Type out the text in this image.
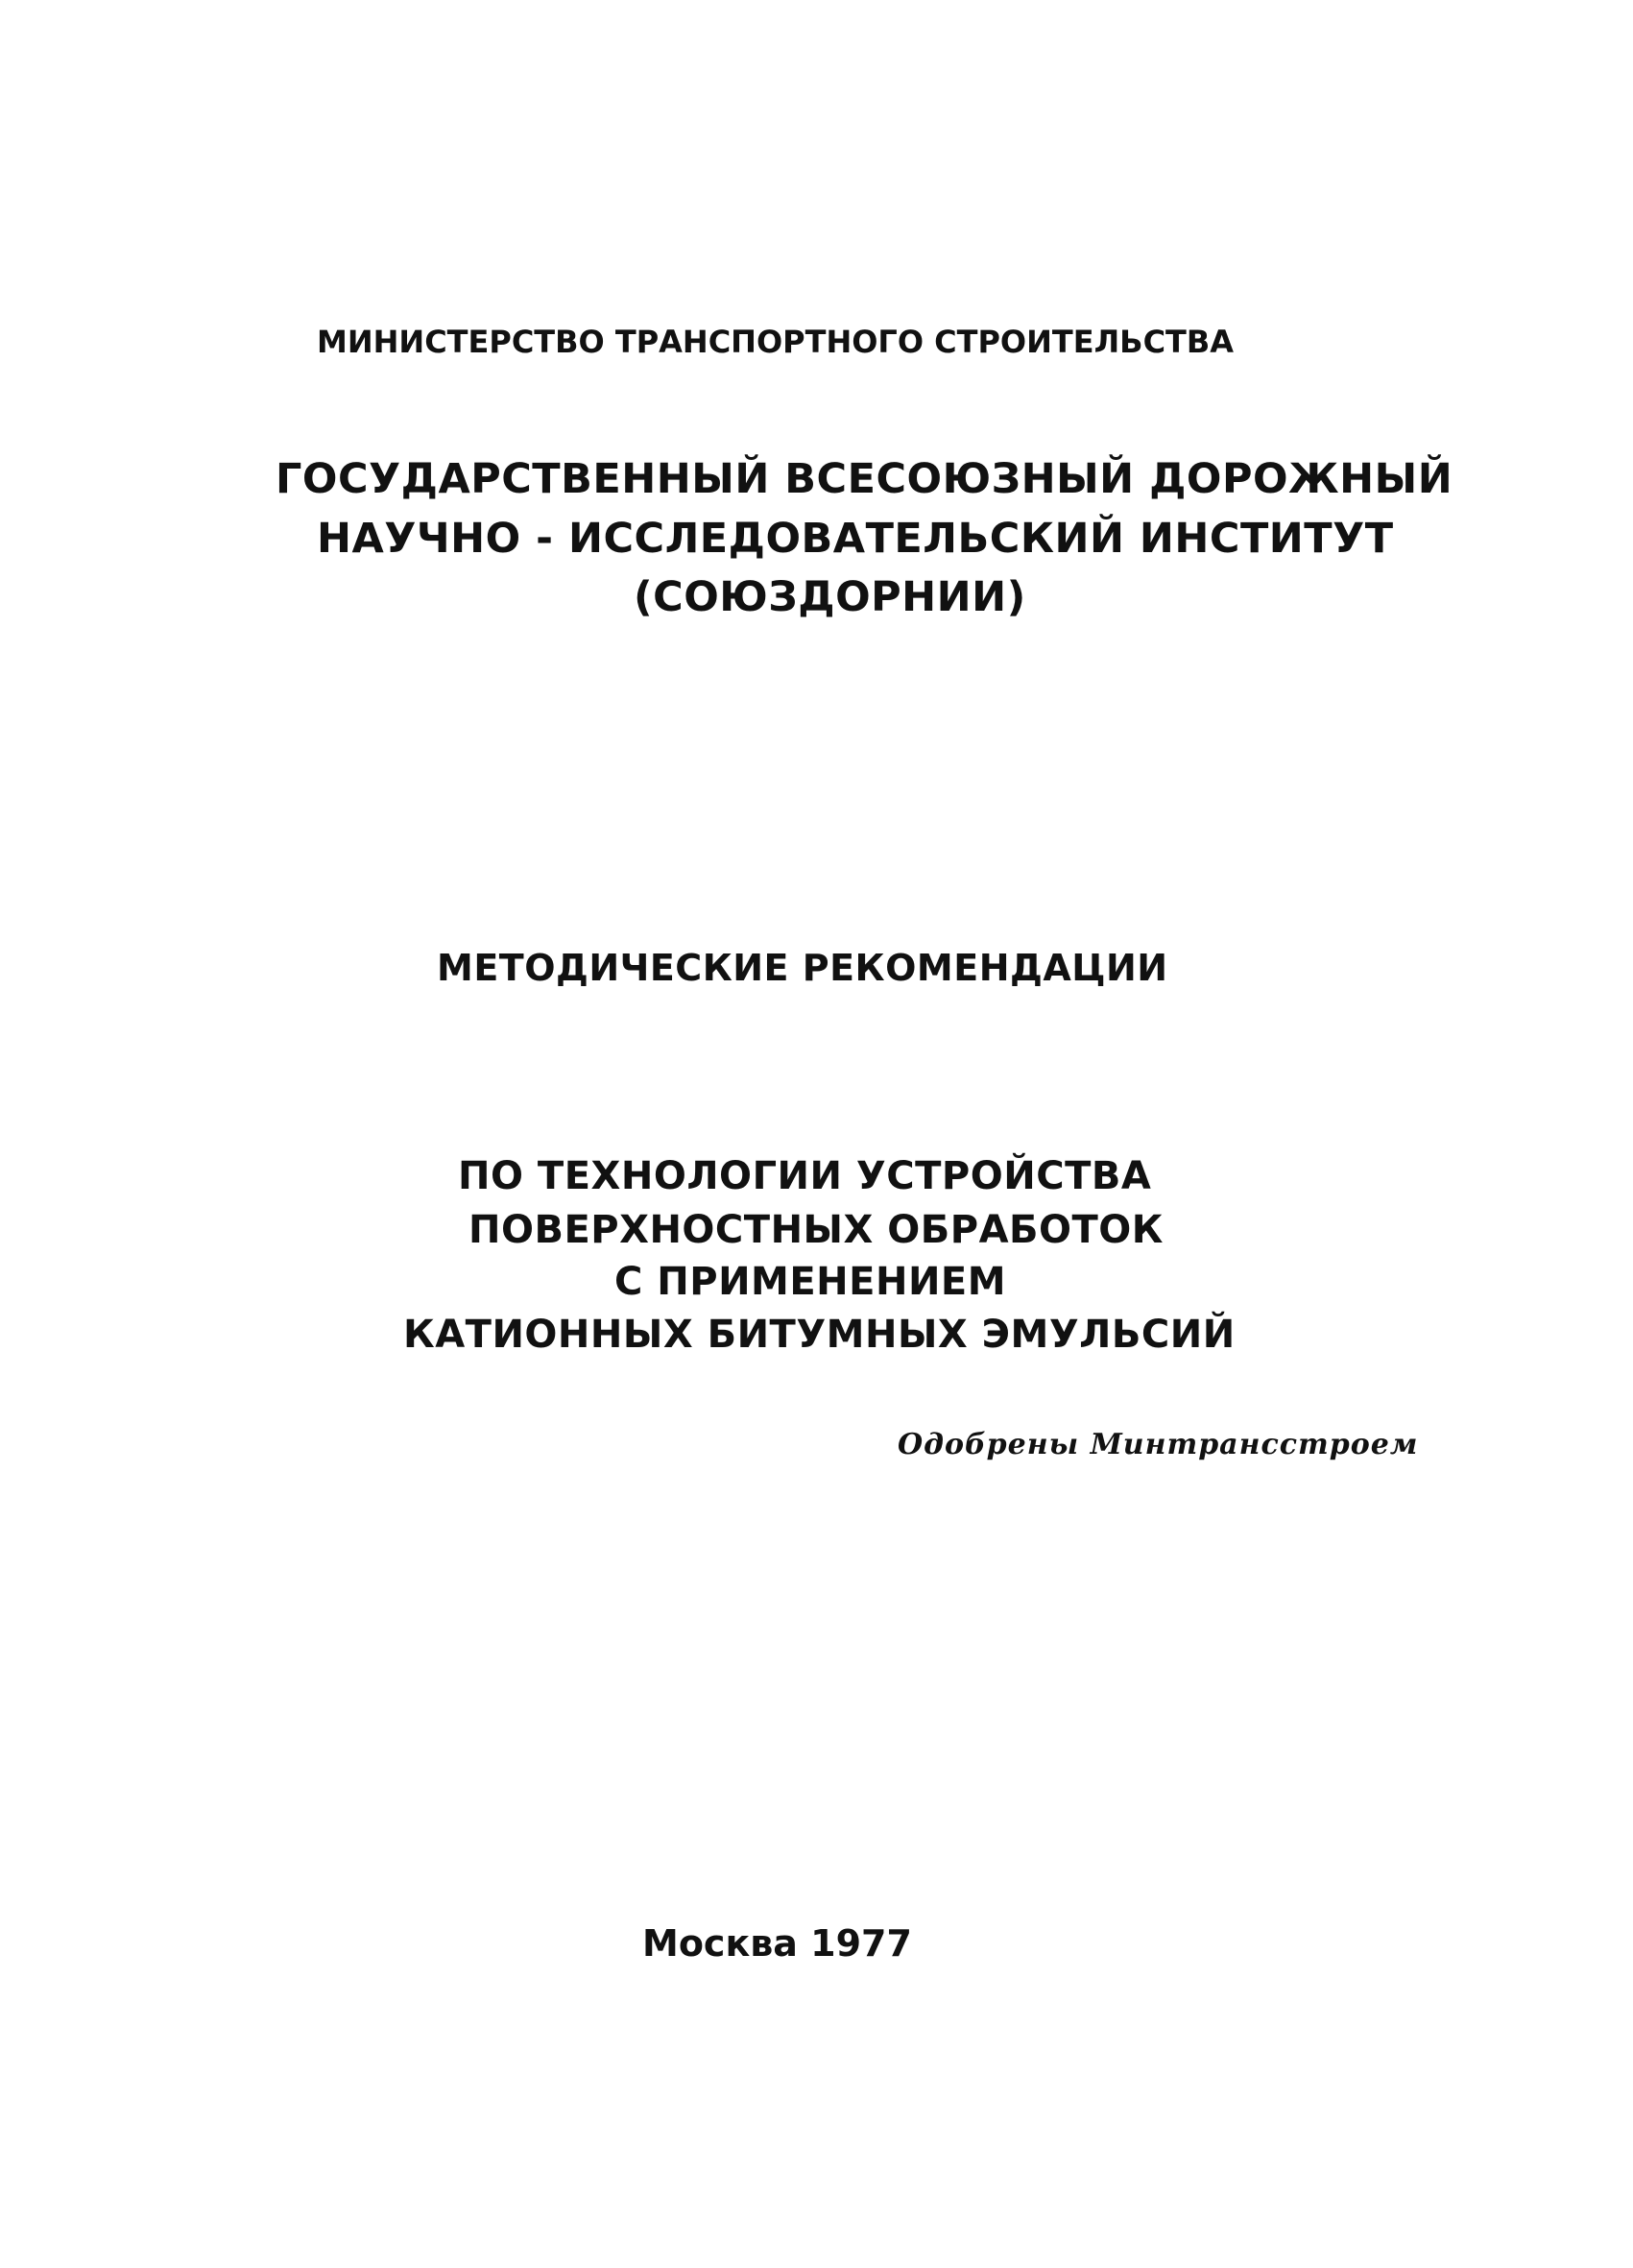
МИНИСТЕРСТВО ТРАНСПОРТНОГО СТРОИТЕЛЬСТВА
ГОСУДАРСТВЕННЫЙ ВСЕСОЮЗНЫЙ ДОРОЖНЫЙ
НАУЧНО - ИССЛЕДОВАТЕЛЬСКИЙ ИНСТИТУТ
(СОЮЗДОРНИИ)
МЕТОДИЧЕСКИЕ РЕКОМЕНДАЦИИ
ПО ТЕХНОЛОГИИ УСТРОЙСТВА
ПОВЕРХНОСТНЫХ ОБРАБОТОК
С ПРИМЕНЕНИЕМ
КАТИОННЫХ БИТУМНЫХ ЭМУЛЬСИЙ
Одобрены Минтрансстроем
Москва 1977
